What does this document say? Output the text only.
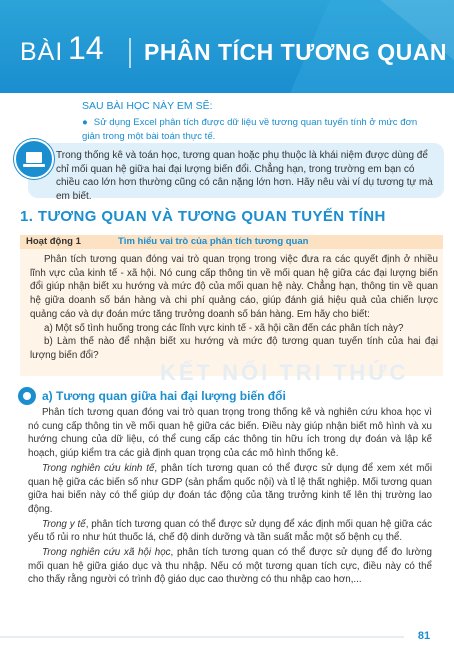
BÀI 14 PHÂN TÍCH TƯƠNG QUAN
SAU BÀI HỌC NÀY EM SẼ:
● Sử dụng Excel phân tích được dữ liệu về tương quan tuyến tính ở mức đơn giản trong một bài toán thực tế.
Trong thống kê và toán học, tương quan hoặc phụ thuộc là khái niệm được dùng để chỉ mối quan hệ giữa hai đại lượng biến đổi. Chẳng hạn, trong trường em bạn có chiều cao lớn hơn thường cũng có cân nặng lớn hơn. Hãy nêu vài ví dụ tương tự mà em biết.
1. TƯƠNG QUAN VÀ TƯƠNG QUAN TUYẾN TÍNH
Hoạt động 1	Tìm hiểu vai trò của phân tích tương quan

Phân tích tương quan đóng vai trò quan trọng trong việc đưa ra các quyết định ở nhiều lĩnh vực của kinh tế - xã hội. Nó cung cấp thông tin về mối quan hệ giữa các đại lượng biến đổi giúp nhận biết xu hướng và mức độ của mối quan hệ này. Chẳng hạn, thông tin về quan hệ giữa doanh số bán hàng và chi phí quảng cáo, giúp đánh giá hiệu quả của chiến lược quảng cáo và dự đoán mức tăng trưởng doanh số bán hàng. Em hãy cho biết:

a) Một số tình huống trong các lĩnh vực kinh tế - xã hội cần đến các phân tích này?

b) Làm thế nào để nhận biết xu hướng và mức độ tương quan tuyến tính của hai đại lượng biến đổi?

KẾT NỐI TRI THỨC
a) Tương quan giữa hai đại lượng biến đổi

Phân tích tương quan đóng vai trò quan trọng trong thống kê và nghiên cứu khoa học vì nó cung cấp thông tin về mối quan hệ giữa các biến. Điều này giúp nhận biết mô hình và xu hướng chung của dữ liệu, có thể cung cấp các thông tin hữu ích trong dự đoán và lập kế hoạch, giúp kiểm tra các giả định quan trọng của các mô hình thống kê.

Trong nghiên cứu kinh tế, phân tích tương quan có thể được sử dụng để xem xét mối quan hệ giữa các biến số như GDP (sản phẩm quốc nội) và tỉ lệ thất nghiệp. Mối tương quan giữa hai biến này có thể giúp dự đoán tác động của tăng trưởng kinh tế lên thị trường lao động.

Trong y tế, phân tích tương quan có thể được sử dụng để xác định mối quan hệ giữa các yếu tố rủi ro như hút thuốc lá, chế độ dinh dưỡng và tần suất mắc một số bệnh cụ thể.

Trong nghiên cứu xã hội học, phân tích tương quan có thể được sử dụng để đo lường mối quan hệ giữa giáo dục và thu nhập. Nếu có một tương quan tích cực, điều này có thể cho thấy rằng người có trình độ giáo dục cao thường có thu nhập cao hơn,...

81
